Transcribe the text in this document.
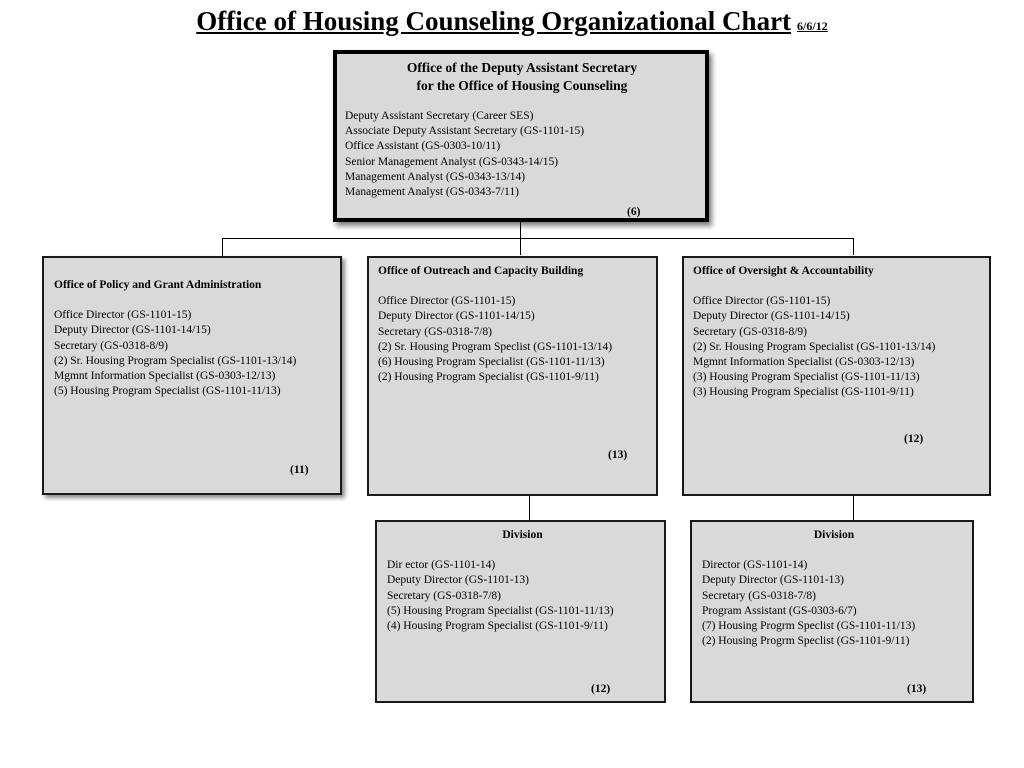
Office of Housing Counseling Organizational Chart 6/6/12
Office of the Deputy Assistant Secretary
for the Office of Housing Counseling
Deputy Assistant Secretary (Career SES)
Associate Deputy Assistant Secretary (GS-1101-15)
Office Assistant (GS-0303-10/11)
Senior Management Analyst (GS-0343-14/15)
Management Analyst (GS-0343-13/14)
Management Analyst (GS-0343-7/11)
(6)
Office of Policy and Grant Administration
Office Director (GS-1101-15)
Deputy Director (GS-1101-14/15)
Secretary (GS-0318-8/9)
(2) Sr. Housing Program Specialist (GS-1101-13/14)
Mgmnt Information Specialist (GS-0303-12/13)
(5) Housing Program Specialist (GS-1101-11/13)
(11)
Office of Outreach and Capacity Building
Office Director (GS-1101-15)
Deputy Director (GS-1101-14/15)
Secretary (GS-0318-7/8)
(2) Sr. Housing Program Speclist (GS-1101-13/14)
(6) Housing Program Specialist (GS-1101-11/13)
(2) Housing Program Specialist (GS-1101-9/11)
(13)
Office of Oversight & Accountability
Office Director (GS-1101-15)
Deputy Director (GS-1101-14/15)
Secretary (GS-0318-8/9)
(2) Sr. Housing Program Specialist (GS-1101-13/14)
Mgmnt Information Specialist (GS-0303-12/13)
(3) Housing Program Specialist (GS-1101-11/13)
(3) Housing Program Specialist (GS-1101-9/11)
(12)
Division
Dir ector (GS-1101-14)
Deputy Director (GS-1101-13)
Secretary (GS-0318-7/8)
(5) Housing Program Specialist (GS-1101-11/13)
(4) Housing Program Specialist (GS-1101-9/11)
(12)
Division
Director (GS-1101-14)
Deputy Director (GS-1101-13)
Secretary (GS-0318-7/8)
Program Assistant (GS-0303-6/7)
(7) Housing Progrm Speclist (GS-1101-11/13)
(2) Housing Progrm Speclist (GS-1101-9/11)
(13)
